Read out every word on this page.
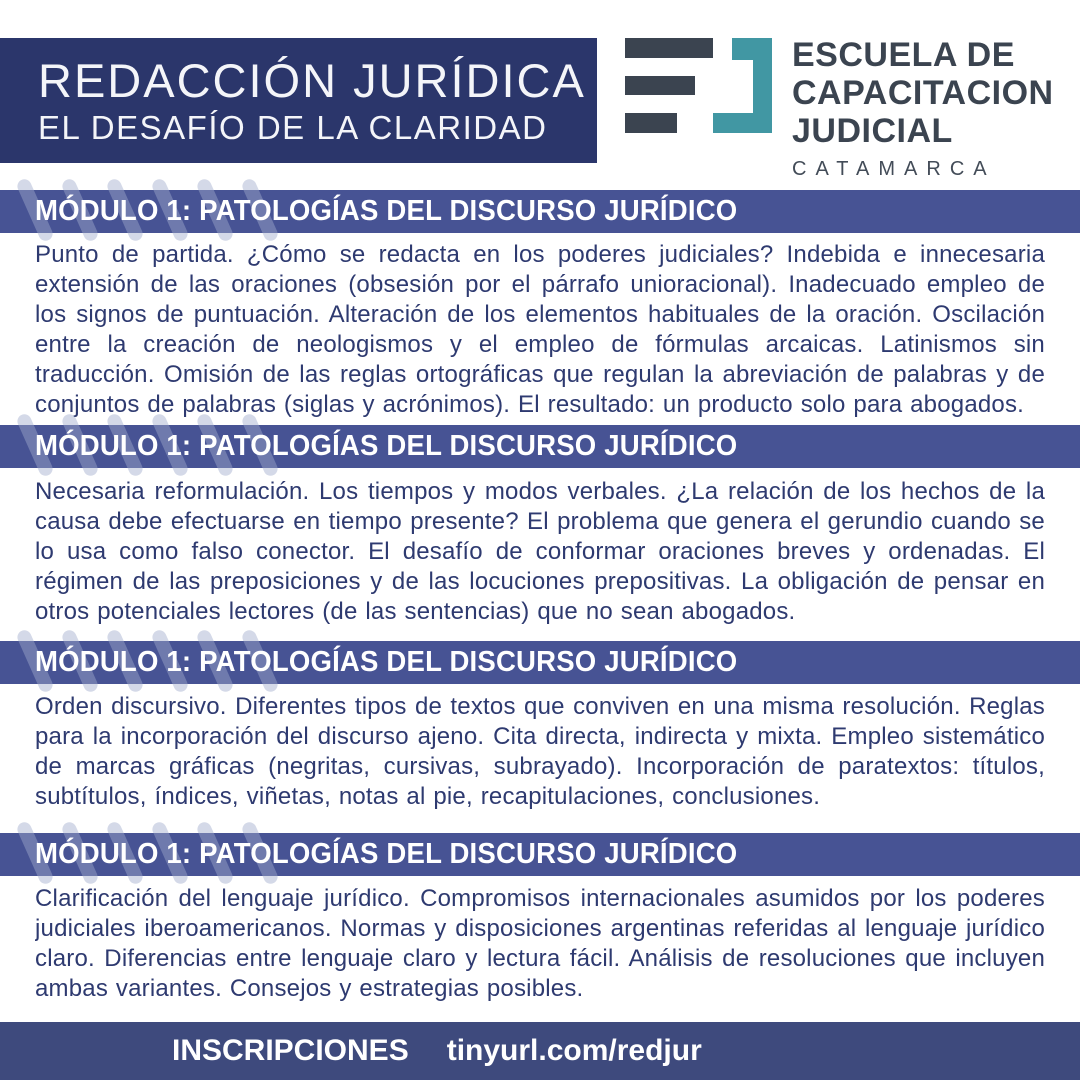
REDACCIÓN JURÍDICA
EL DESAFÍO DE LA CLARIDAD
ESCUELA DE
CAPACITACION
JUDICIAL
CATAMARCA
MÓDULO 1: PATOLOGÍAS DEL DISCURSO JURÍDICO
Punto de partida. ¿Cómo se redacta en los poderes judiciales? Indebida e innecesaria extensión de las oraciones (obsesión por el párrafo unioracional). Inadecuado empleo de los signos de puntuación. Alteración de los elementos habituales de la oración. Oscilación entre la creación de neologismos y el empleo de fórmulas arcaicas. Latinismos sin traducción. Omisión de las reglas ortográficas que regulan la abreviación de palabras y de conjuntos de palabras (siglas y acrónimos). El resultado: un producto solo para abogados.
MÓDULO 1: PATOLOGÍAS DEL DISCURSO JURÍDICO
Necesaria reformulación. Los tiempos y modos verbales. ¿La relación de los hechos de la causa debe efectuarse en tiempo presente? El problema que genera el gerundio cuando se lo usa como falso conector. El desafío de conformar oraciones breves y ordenadas. El régimen de las preposiciones y de las locuciones prepositivas. La obligación de pensar en otros potenciales lectores (de las sentencias) que no sean abogados.
MÓDULO 1: PATOLOGÍAS DEL DISCURSO JURÍDICO
Orden discursivo. Diferentes tipos de textos que conviven en una misma resolución. Reglas para la incorporación del discurso ajeno. Cita directa, indirecta y mixta. Empleo sistemático de marcas gráficas (negritas, cursivas, subrayado). Incorporación de paratextos: títulos, subtítulos, índices, viñetas, notas al pie, recapitulaciones, conclusiones.
MÓDULO 1: PATOLOGÍAS DEL DISCURSO JURÍDICO
Clarificación del lenguaje jurídico. Compromisos internacionales asumidos por los poderes judiciales iberoamericanos. Normas y disposiciones argentinas referidas al lenguaje jurídico claro. Diferencias entre lenguaje claro y lectura fácil. Análisis de resoluciones que incluyen ambas variantes. Consejos y estrategias posibles.
INSCRIPCIONES tinyurl.com/redjur
